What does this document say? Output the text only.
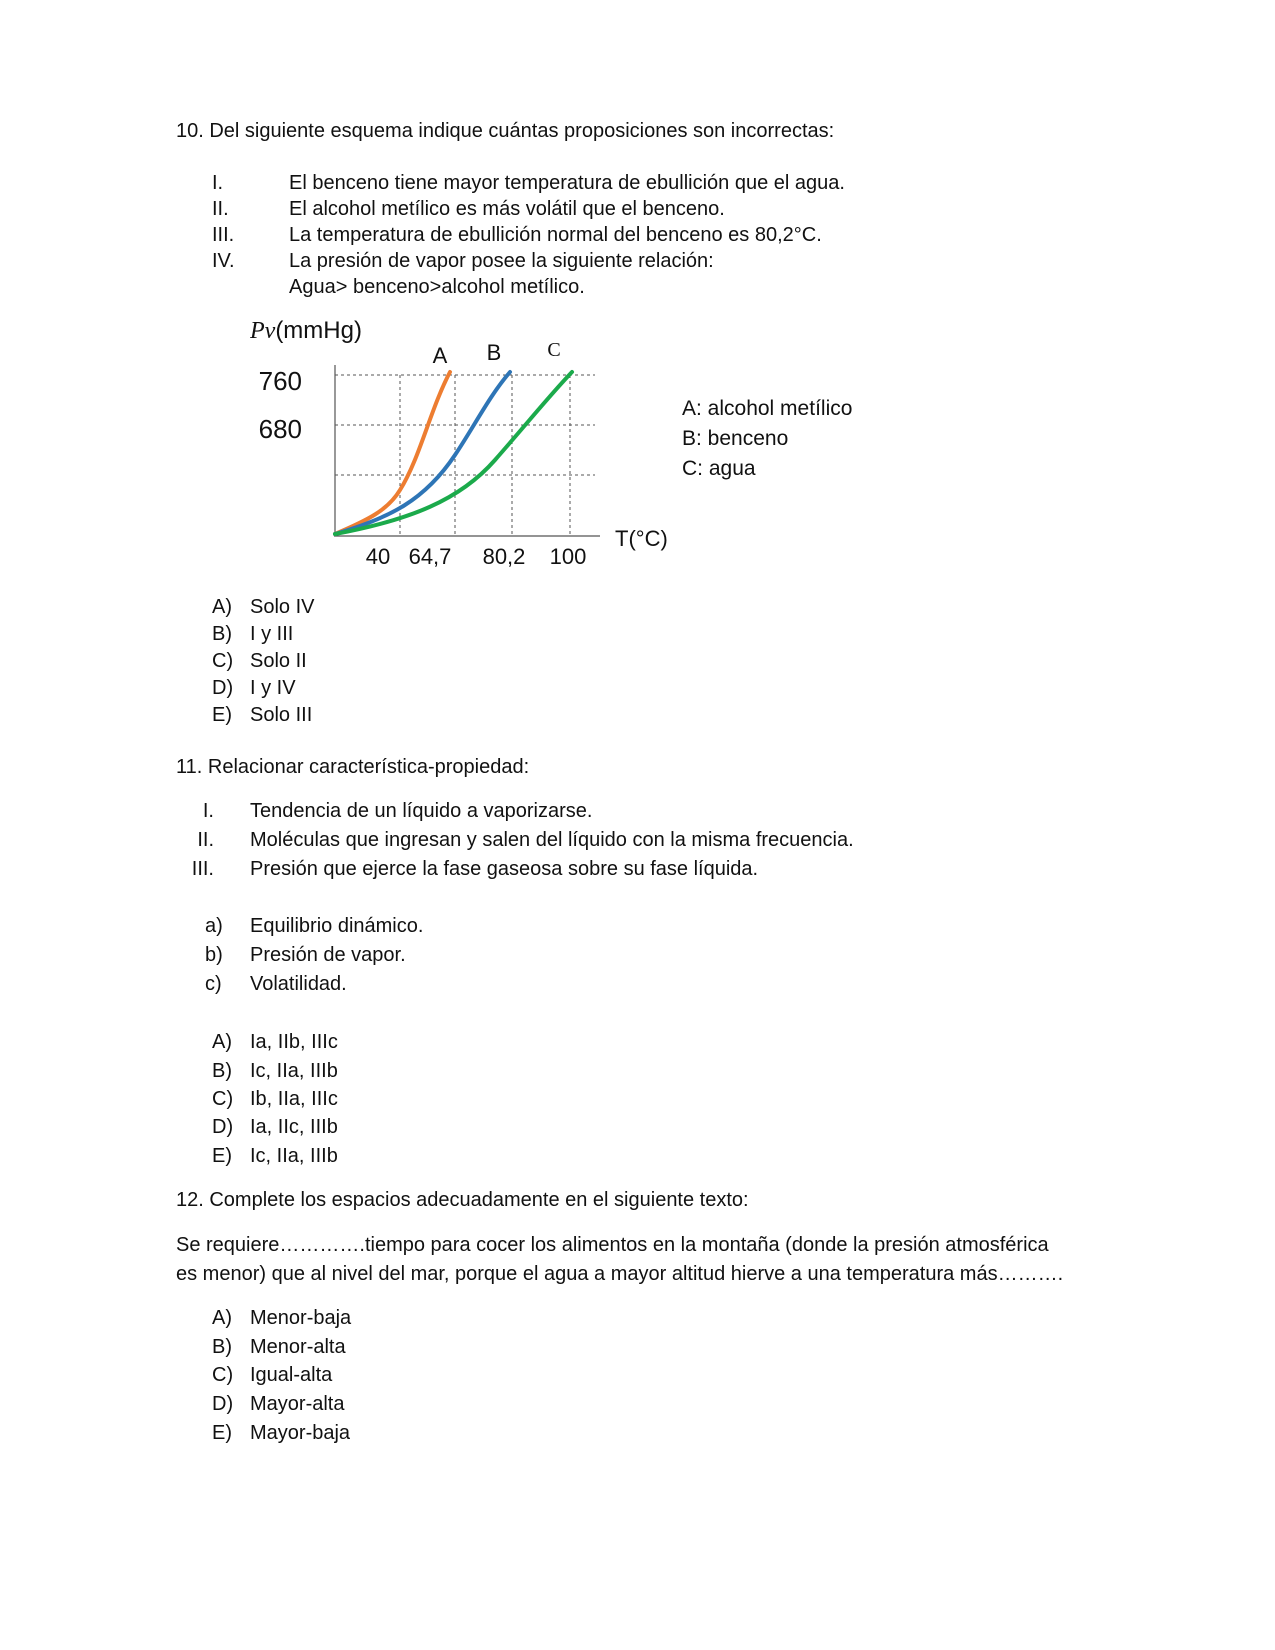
10. Del siguiente esquema indique cuántas proposiciones son incorrectas:
I.	El benceno tiene mayor temperatura de ebullición que el agua.
II.	El alcohol metílico es más volátil que el benceno.
III.	La temperatura de ebullición normal del benceno es 80,2°C.
IV.	La presión de vapor posee la siguiente relación:
Agua> benceno>alcohol metílico.
A B C
Pv(mmHg)
760
680
40 64,7 80,2 100
T(°C)
A: alcohol metílico
B: benceno
C: agua
A) Solo IV
B) I y III
C) Solo II
D) I y IV
E) Solo III
11. Relacionar característica-propiedad:
I. Tendencia de un líquido a vaporizarse.
II. Moléculas que ingresan y salen del líquido con la misma frecuencia.
III. Presión que ejerce la fase gaseosa sobre su fase líquida.
a) Equilibrio dinámico.
b) Presión de vapor.
c) Volatilidad.
A) Ia, IIb, IIIc
B) Ic, IIa, IIIb
C) Ib, IIa, IIIc
D) Ia, IIc, IIIb
E) Ic, IIa, IIIb
12. Complete los espacios adecuadamente en el siguiente texto:
Se requiere………….tiempo para cocer los alimentos en la montaña (donde la presión atmosférica
es menor) que al nivel del mar, porque el agua a mayor altitud hierve a una temperatura más……….
A) Menor-baja
B) Menor-alta
C) Igual-alta
D) Mayor-alta
E) Mayor-baja
